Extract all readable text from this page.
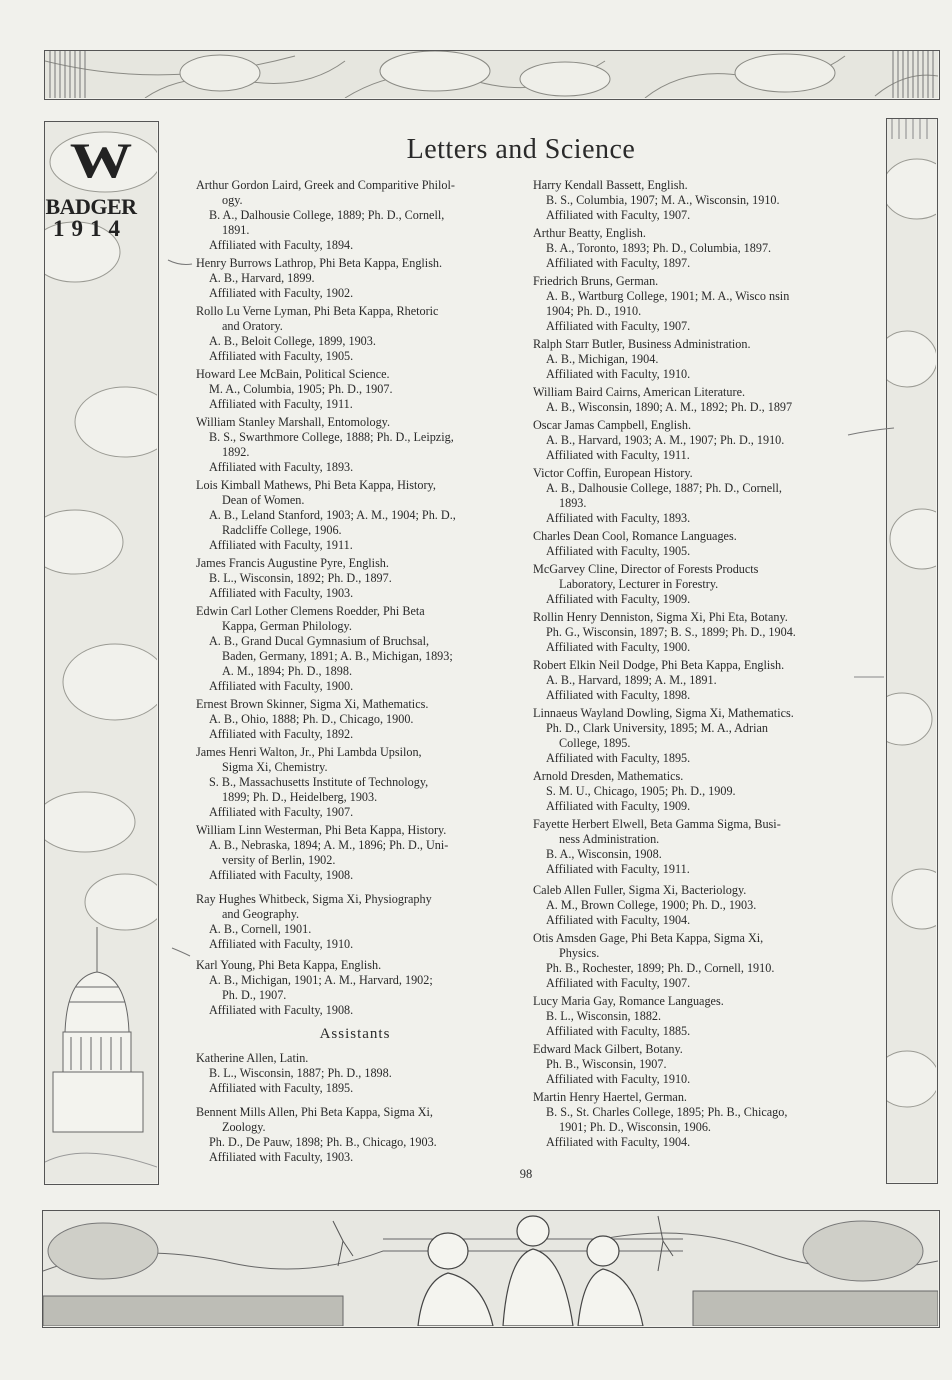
W
BADGER
1914
Letters and Science
Arthur Gordon Laird, Greek and Comparitive Philol-
ogy.
B. A., Dalhousie College, 1889; Ph. D., Cornell,
1891.
Affiliated with Faculty, 1894.
Henry Burrows Lathrop, Phi Beta Kappa, English.
A. B., Harvard, 1899.
Affiliated with Faculty, 1902.
Rollo Lu Verne Lyman, Phi Beta Kappa, Rhetoric
and Oratory.
A. B., Beloit College, 1899, 1903.
Affiliated with Faculty, 1905.
Howard Lee McBain, Political Science.
M. A., Columbia, 1905; Ph. D., 1907.
Affiliated with Faculty, 1911.
William Stanley Marshall, Entomology.
B. S., Swarthmore College, 1888; Ph. D., Leipzig,
1892.
Affiliated with Faculty, 1893.
Lois Kimball Mathews, Phi Beta Kappa, History,
Dean of Women.
A. B., Leland Stanford, 1903; A. M., 1904; Ph. D.,
Radcliffe College, 1906.
Affiliated with Faculty, 1911.
James Francis Augustine Pyre, English.
B. L., Wisconsin, 1892; Ph. D., 1897.
Affiliated with Faculty, 1903.
Edwin Carl Lother Clemens Roedder, Phi Beta
Kappa, German Philology.
A. B., Grand Ducal Gymnasium of Bruchsal,
Baden, Germany, 1891; A. B., Michigan, 1893;
A. M., 1894; Ph. D., 1898.
Affiliated with Faculty, 1900.
Ernest Brown Skinner, Sigma Xi, Mathematics.
A. B., Ohio, 1888; Ph. D., Chicago, 1900.
Affiliated with Faculty, 1892.
James Henri Walton, Jr., Phi Lambda Upsilon,
Sigma Xi, Chemistry.
S. B., Massachusetts Institute of Technology,
1899; Ph. D., Heidelberg, 1903.
Affiliated with Faculty, 1907.
William Linn Westerman, Phi Beta Kappa, History.
A. B., Nebraska, 1894; A. M., 1896; Ph. D., Uni-
versity of Berlin, 1902.
Affiliated with Faculty, 1908.
Ray Hughes Whitbeck, Sigma Xi, Physiography
and Geography.
A. B., Cornell, 1901.
Affiliated with Faculty, 1910.
Karl Young, Phi Beta Kappa, English.
A. B., Michigan, 1901; A. M., Harvard, 1902;
Ph. D., 1907.
Affiliated with Faculty, 1908.
Assistants
Katherine Allen, Latin.
B. L., Wisconsin, 1887; Ph. D., 1898.
Affiliated with Faculty, 1895.
Bennent Mills Allen, Phi Beta Kappa, Sigma Xi,
Zoology.
Ph. D., De Pauw, 1898; Ph. B., Chicago, 1903.
Affiliated with Faculty, 1903.
Harry Kendall Bassett, English.
B. S., Columbia, 1907; M. A., Wisconsin, 1910.
Affiliated with Faculty, 1907.
Arthur Beatty, English.
B. A., Toronto, 1893; Ph. D., Columbia, 1897.
Affiliated with Faculty, 1897.
Friedrich Bruns, German.
A. B., Wartburg College, 1901; M. A., Wisco nsin
1904; Ph. D., 1910.
Affiliated with Faculty, 1907.
Ralph Starr Butler, Business Administration.
A. B., Michigan, 1904.
Affiliated with Faculty, 1910.
William Baird Cairns, American Literature.
A. B., Wisconsin, 1890; A. M., 1892; Ph. D., 1897
Oscar Jamas Campbell, English.
A. B., Harvard, 1903; A. M., 1907; Ph. D., 1910.
Affiliated with Faculty, 1911.
Victor Coffin, European History.
A. B., Dalhousie College, 1887; Ph. D., Cornell,
1893.
Affiliated with Faculty, 1893.
Charles Dean Cool, Romance Languages.
Affiliated with Faculty, 1905.
McGarvey Cline, Director of Forests Products
Laboratory, Lecturer in Forestry.
Affiliated with Faculty, 1909.
Rollin Henry Denniston, Sigma Xi, Phi Eta, Botany.
Ph. G., Wisconsin, 1897; B. S., 1899; Ph. D., 1904.
Affiliated with Faculty, 1900.
Robert Elkin Neil Dodge, Phi Beta Kappa, English.
A. B., Harvard, 1899; A. M., 1891.
Affiliated with Faculty, 1898.
Linnaeus Wayland Dowling, Sigma Xi, Mathematics.
Ph. D., Clark University, 1895; M. A., Adrian
College, 1895.
Affiliated with Faculty, 1895.
Arnold Dresden, Mathematics.
S. M. U., Chicago, 1905; Ph. D., 1909.
Affiliated with Faculty, 1909.
Fayette Herbert Elwell, Beta Gamma Sigma, Busi-
ness Administration.
B. A., Wisconsin, 1908.
Affiliated with Faculty, 1911.
Caleb Allen Fuller, Sigma Xi, Bacteriology.
A. M., Brown College, 1900; Ph. D., 1903.
Affiliated with Faculty, 1904.
Otis Amsden Gage, Phi Beta Kappa, Sigma Xi,
Physics.
Ph. B., Rochester, 1899; Ph. D., Cornell, 1910.
Affiliated with Faculty, 1907.
Lucy Maria Gay, Romance Languages.
B. L., Wisconsin, 1882.
Affiliated with Faculty, 1885.
Edward Mack Gilbert, Botany.
Ph. B., Wisconsin, 1907.
Affiliated with Faculty, 1910.
Martin Henry Haertel, German.
B. S., St. Charles College, 1895; Ph. B., Chicago,
1901; Ph. D., Wisconsin, 1906.
Affiliated with Faculty, 1904.
98
